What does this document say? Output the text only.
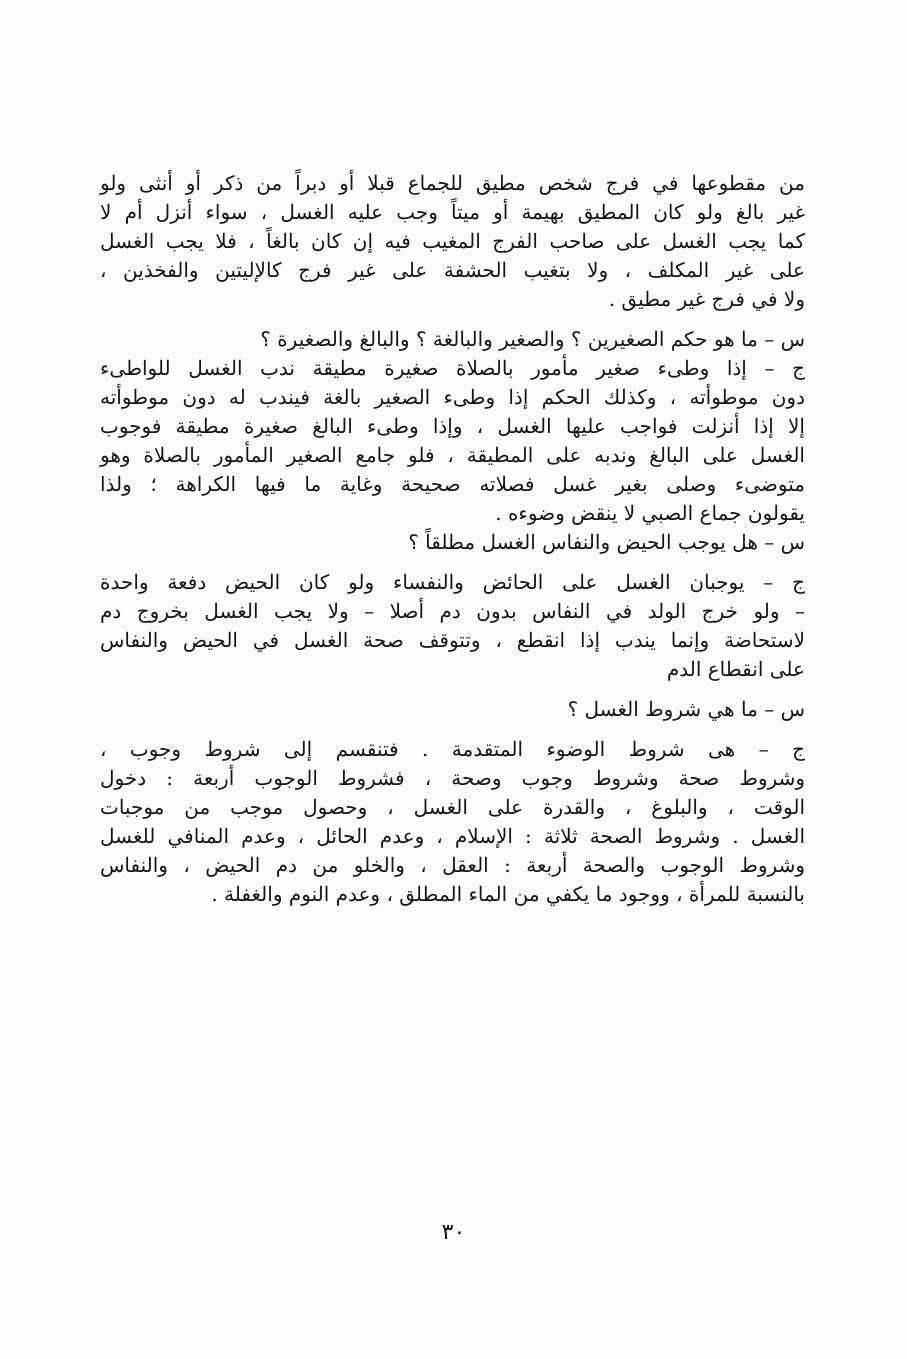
من مقطوعها في فرج شخص مطيق للجماع قبلا أو دبراً من ذكر أو أنثى ولو
غير بالغ ولو كان المطيق بهيمة أو ميتاً وجب عليه الغسل ، سواء أنزل أم لا
كما يجب الغسل على صاحب الفرج المغيب فيه إن كان بالغاً ، فلا يجب الغسل
على غير المكلف ، ولا بتغيب الحشفة على غير فرج كالإليتين والفخذين ،
ولا في فرج غير مطيق .
س – ما هو حكم الصغيرين ؟ والصغير والبالغة ؟ والبالغ والصغيرة ؟
ج – إذا وطىء صغير مأمور بالصلاة صغيرة مطيقة ندب الغسل للواطىء
دون موطوأته ، وكذلك الحكم إذا وطىء الصغير بالغة فيندب له دون موطوأته
إلا إذا أنزلت فواجب عليها الغسل ، وإذا وطىء البالغ صغيرة مطيقة فوجوب
الغسل على البالغ وندبه على المطيقة ، فلو جامع الصغير المأمور بالصلاة وهو
متوضىء وصلى بغير غسل فصلاته صحيحة وغاية ما فيها الكراهة ؛ ولذا
يقولون جماع الصبي لا ينقض وضوءه .
س – هل يوجب الحيض والنفاس الغسل مطلقاً ؟
ج – يوجبان الغسل على الحائض والنفساء ولو كان الحيض دفعة واحدة
– ولو خرج الولد في النفاس بدون دم أصلا – ولا يجب الغسل بخروج دم
لاستحاضة وإنما يندب إذا انقطع ، وتتوقف صحة الغسل في الحيض والنفاس
على انقطاع الدم
س – ما هي شروط الغسل ؟
ج – هى شروط الوضوء المتقدمة . فتنقسم إلى شروط وجوب ،
وشروط صحة وشروط وجوب وصحة ، فشروط الوجوب أربعة : دخول
الوقت ، والبلوغ ، والقدرة على الغسل ، وحصول موجب من موجبات
الغسل . وشروط الصحة ثلاثة : الإسلام ، وعدم الحائل ، وعدم المنافي للغسل
وشروط الوجوب والصحة أربعة : العقل ، والخلو من دم الحيض ، والنفاس
بالنسبة للمرأة ، ووجود ما يكفي من الماء المطلق ، وعدم النوم والغفلة .
٣٠
